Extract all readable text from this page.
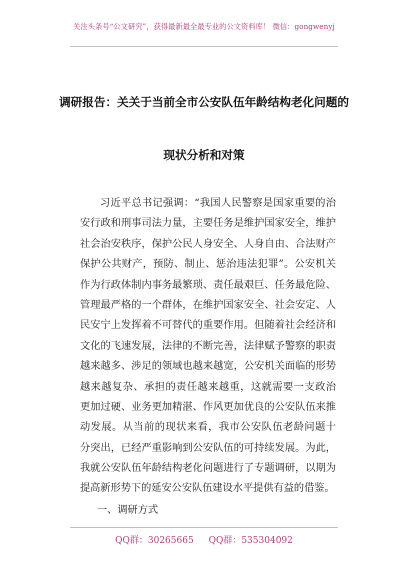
关注头条号“公文研究”，获得最新最全最专业的公文资料库！ 微信：gongwenyj
调研报告：关关于当前全市公安队伍年龄结构老化问题的
现状分析和对策
习近平总书记强调：“我国人民警察是国家重要的治
安行政和刑事司法力量，主要任务是维护国家安全，维护
社会治安秩序，保护公民人身安全、人身自由、合法财产
保护公共财产，预防、制止、惩治违法犯罪”。公安机关
作为行政体制内事务最繁琐、责任最艰巨、任务最危险、
管理最严格的一个群体，在维护国家安全、社会安定、人
民安宁上发挥着不可替代的重要作用。但随着社会经济和
文化的飞速发展，法律的不断完善，法律赋予警察的职责
越来越多、涉足的领域也越来越宽，公安机关面临的形势
越来越复杂、承担的责任越来越重，这就需要一支政治
更加过硬、业务更加精湛、作风更加优良的公安队伍来推
动发展。从当前的现状来看，我市公安队伍老龄问题十
分突出，已经严重影响到公安队伍的可持续发展。为此，
我就公安队伍年龄结构老化问题进行了专题调研，以期为
提高新形势下的延安公安队伍建设水平提供有益的借鉴。
一、调研方式
QQ群：30265665 QQ群：535304092
